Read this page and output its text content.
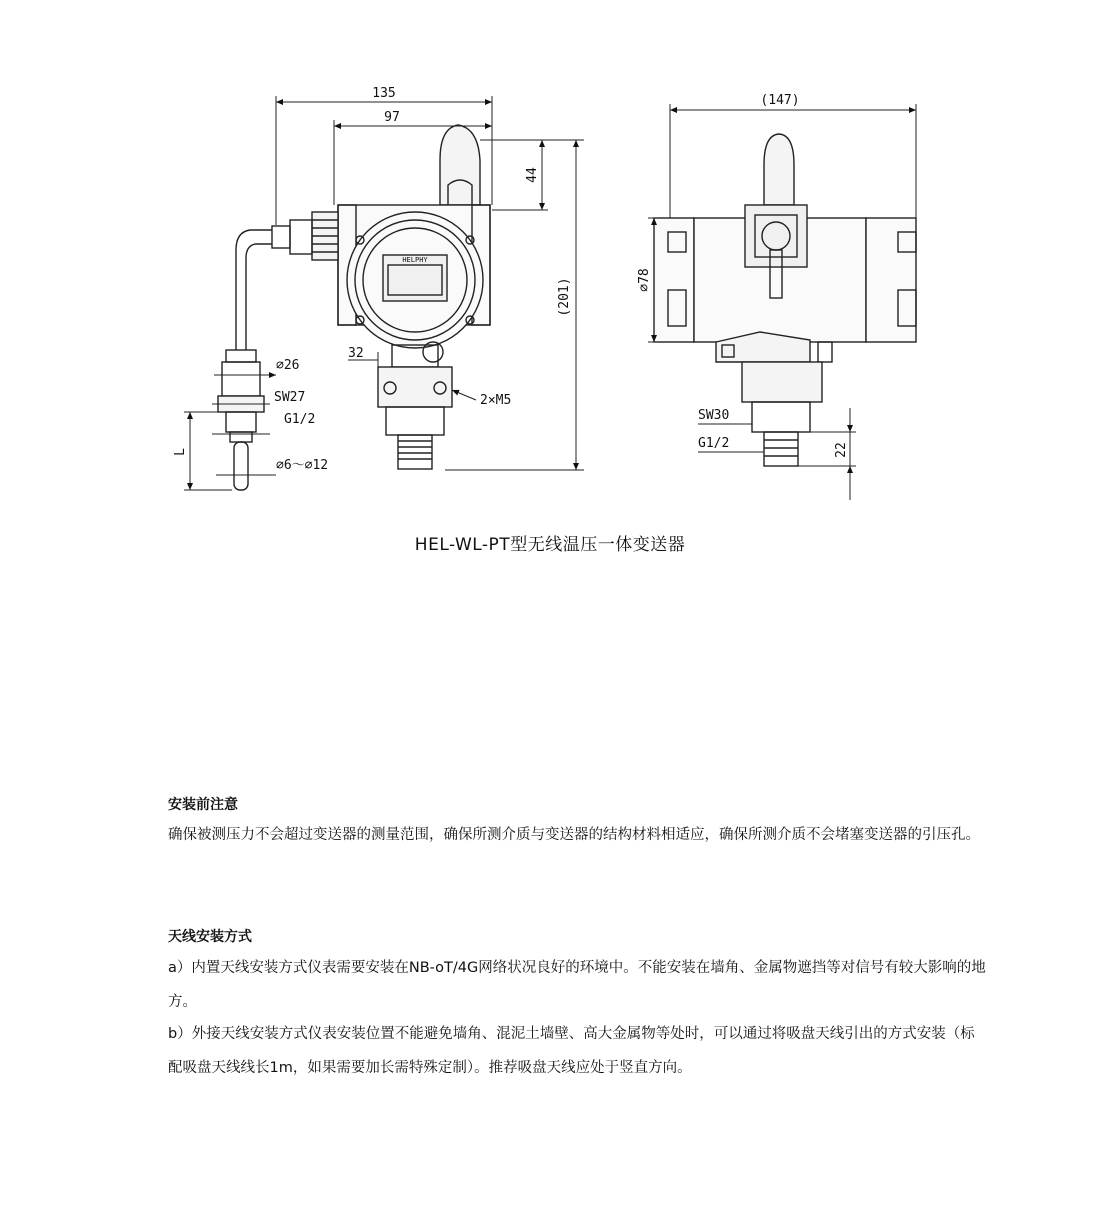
135
97
44
(201)
⌀26
SW27
G1/2
L
⌀6～⌀12
32
2×M5
(147)
⌀78
SW30
G1/2	22
HELPHY
HEL-WL-PT型无线温压一体变送器
安装前注意
确保被测压力不会超过变送器的测量范围，确保所测介质与变送器的结构材料相适应，确保所测介质不会堵塞变送器的引压孔。
天线安装方式
a）内置天线安装方式仪表需要安装在NB-oT/4G网络状况良好的环境中。不能安装在墙角、金属物遮挡等对信号有较大影响的地方。
b）外接天线安装方式仪表安装位置不能避免墙角、混泥土墙壁、高大金属物等处时，可以通过将吸盘天线引出的方式安装（标配吸盘天线线长1m，如果需要加长需特殊定制）。推荐吸盘天线应处于竖直方向。
